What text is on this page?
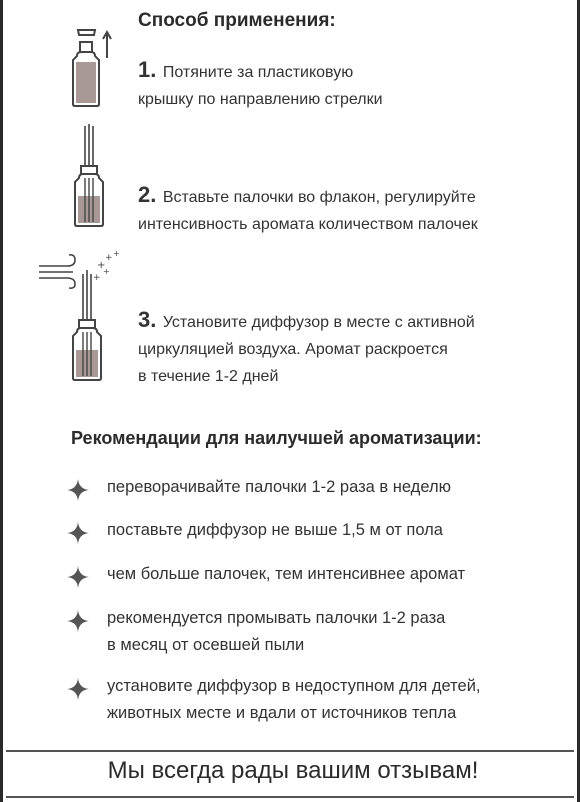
Способ применения:
1. Потяните за пластиковую
крышку по направлению стрелки
2. Вставьте палочки во флакон, регулируйте
интенсивность аромата количеством палочек
+
+
+
+
+
3. Установите диффузор в месте с активной
циркуляцией воздуха. Аромат раскроется
в течение 1-2 дней
Рекомендации для наилучшей ароматизации:
переворачивайте палочки 1-2 раза в неделю
поставьте диффузор не выше 1,5 м от пола
чем больше палочек, тем интенсивнее аромат
рекомендуется промывать палочки 1-2 раза
в месяц от осевшей пыли
установите диффузор в недоступном для детей,
животных месте и вдали от источников тепла
Мы всегда рады вашим отзывам!
